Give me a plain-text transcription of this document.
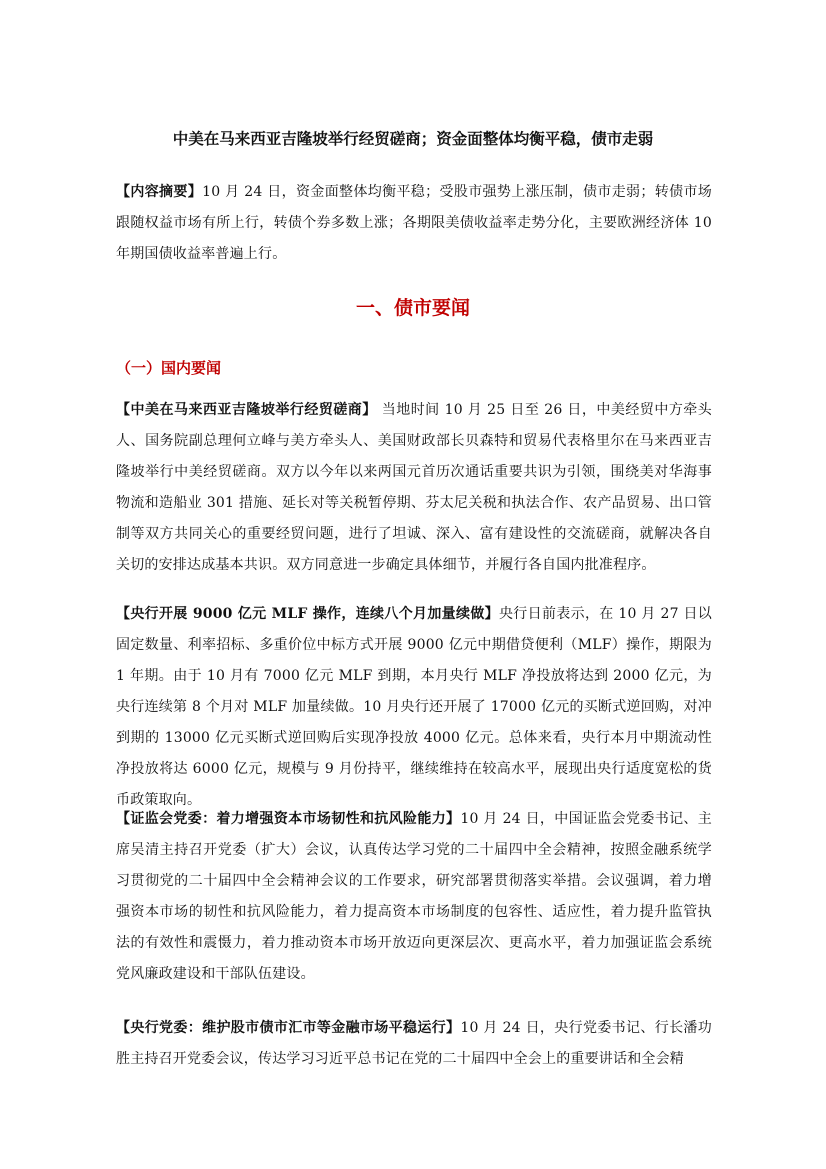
中美在马来西亚吉隆坡举行经贸磋商；资金面整体均衡平稳，债市走弱
【内容摘要】10 月 24 日，资金面整体均衡平稳；受股市强势上涨压制，债市走弱；转债市场跟随权益市场有所上行，转债个券多数上涨；各期限美债收益率走势分化，主要欧洲经济体 10 年期国债收益率普遍上行。
一、债市要闻
（一）国内要闻
【中美在马来西亚吉隆坡举行经贸磋商】 当地时间 10 月 25 日至 26 日，中美经贸中方牵头人、国务院副总理何立峰与美方牵头人、美国财政部长贝森特和贸易代表格里尔在马来西亚吉隆坡举行中美经贸磋商。双方以今年以来两国元首历次通话重要共识为引领，围绕美对华海事物流和造船业 301 措施、延长对等关税暂停期、芬太尼关税和执法合作、农产品贸易、出口管制等双方共同关心的重要经贸问题，进行了坦诚、深入、富有建设性的交流磋商，就解决各自关切的安排达成基本共识。双方同意进一步确定具体细节，并履行各自国内批准程序。
【央行开展 9000 亿元 MLF 操作，连续八个月加量续做】央行日前表示，在 10 月 27 日以固定数量、利率招标、多重价位中标方式开展 9000 亿元中期借贷便利（MLF）操作，期限为 1 年期。由于 10 月有 7000 亿元 MLF 到期，本月央行 MLF 净投放将达到 2000 亿元，为央行连续第 8 个月对 MLF 加量续做。10 月央行还开展了 17000 亿元的买断式逆回购，对冲到期的 13000 亿元买断式逆回购后实现净投放 4000 亿元。总体来看，央行本月中期流动性净投放将达 6000 亿元，规模与 9 月份持平，继续维持在较高水平，展现出央行适度宽松的货币政策取向。
【证监会党委：着力增强资本市场韧性和抗风险能力】10 月 24 日，中国证监会党委书记、主席吴清主持召开党委（扩大）会议，认真传达学习党的二十届四中全会精神，按照金融系统学习贯彻党的二十届四中全会精神会议的工作要求，研究部署贯彻落实举措。会议强调，着力增强资本市场的韧性和抗风险能力，着力提高资本市场制度的包容性、适应性，着力提升监管执法的有效性和震慑力，着力推动资本市场开放迈向更深层次、更高水平，着力加强证监会系统党风廉政建设和干部队伍建设。
【央行党委：维护股市债市汇市等金融市场平稳运行】10 月 24 日，央行党委书记、行长潘功胜主持召开党委会议，传达学习习近平总书记在党的二十届四中全会上的重要讲话和全会精
